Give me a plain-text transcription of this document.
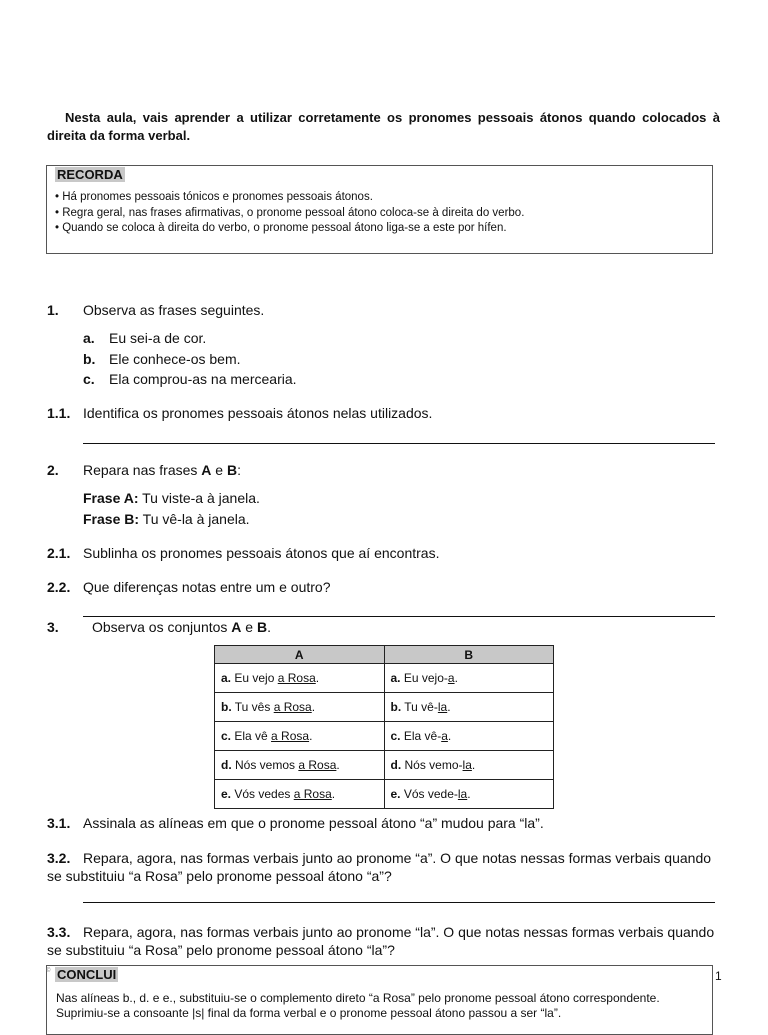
Nesta aula, vais aprender a utilizar corretamente os pronomes pessoais átonos quando colocados à direita da forma verbal.
RECORDA
• Há pronomes pessoais tónicos e pronomes pessoais átonos.
• Regra geral, nas frases afirmativas, o pronome pessoal átono coloca-se à direita do verbo.
• Quando se coloca à direita do verbo, o pronome pessoal átono liga-se a este por hífen.
1. Observa as frases seguintes.
a. Eu sei-a de cor.
b. Ele conhece-os bem.
c. Ela comprou-as na mercearia.
1.1. Identifica os pronomes pessoais átonos nelas utilizados.
2. Repara nas frases A e B:
Frase A: Tu viste-a à janela.
Frase B: Tu vê-la à janela.
2.1. Sublinha os pronomes pessoais átonos que aí encontras.
2.2. Que diferenças notas entre um e outro?
3. Observa os conjuntos A e B.
A	B
a. Eu vejo a Rosa.	a. Eu vejo-a.
b. Tu vês a Rosa.	b. Tu vê-la.
c. Ela vê a Rosa.	c. Ela vê-a.
d. Nós vemos a Rosa.	d. Nós vemo-la.
e. Vós vedes a Rosa.	e. Vós vede-la.
3.1. Assinala as alíneas em que o pronome pessoal átono “a” mudou para “la”.
3.2. Repara, agora, nas formas verbais junto ao pronome “a”. O que notas nessas formas verbais quando se substituiu “a Rosa” pelo pronome pessoal átono “a”?
3.3. Repara, agora, nas formas verbais junto ao pronome “la”. O que notas nessas formas verbais quando se substituiu “a Rosa” pelo pronome pessoal átono “la”?
CONCLUI

Nas alíneas b., d. e e., substituiu-se o complemento direto “a Rosa” pelo pronome pessoal átono correspondente. Suprimiu-se a consoante |s| final da forma verbal e o pronome pessoal átono passou a ser “la”.

©	1
